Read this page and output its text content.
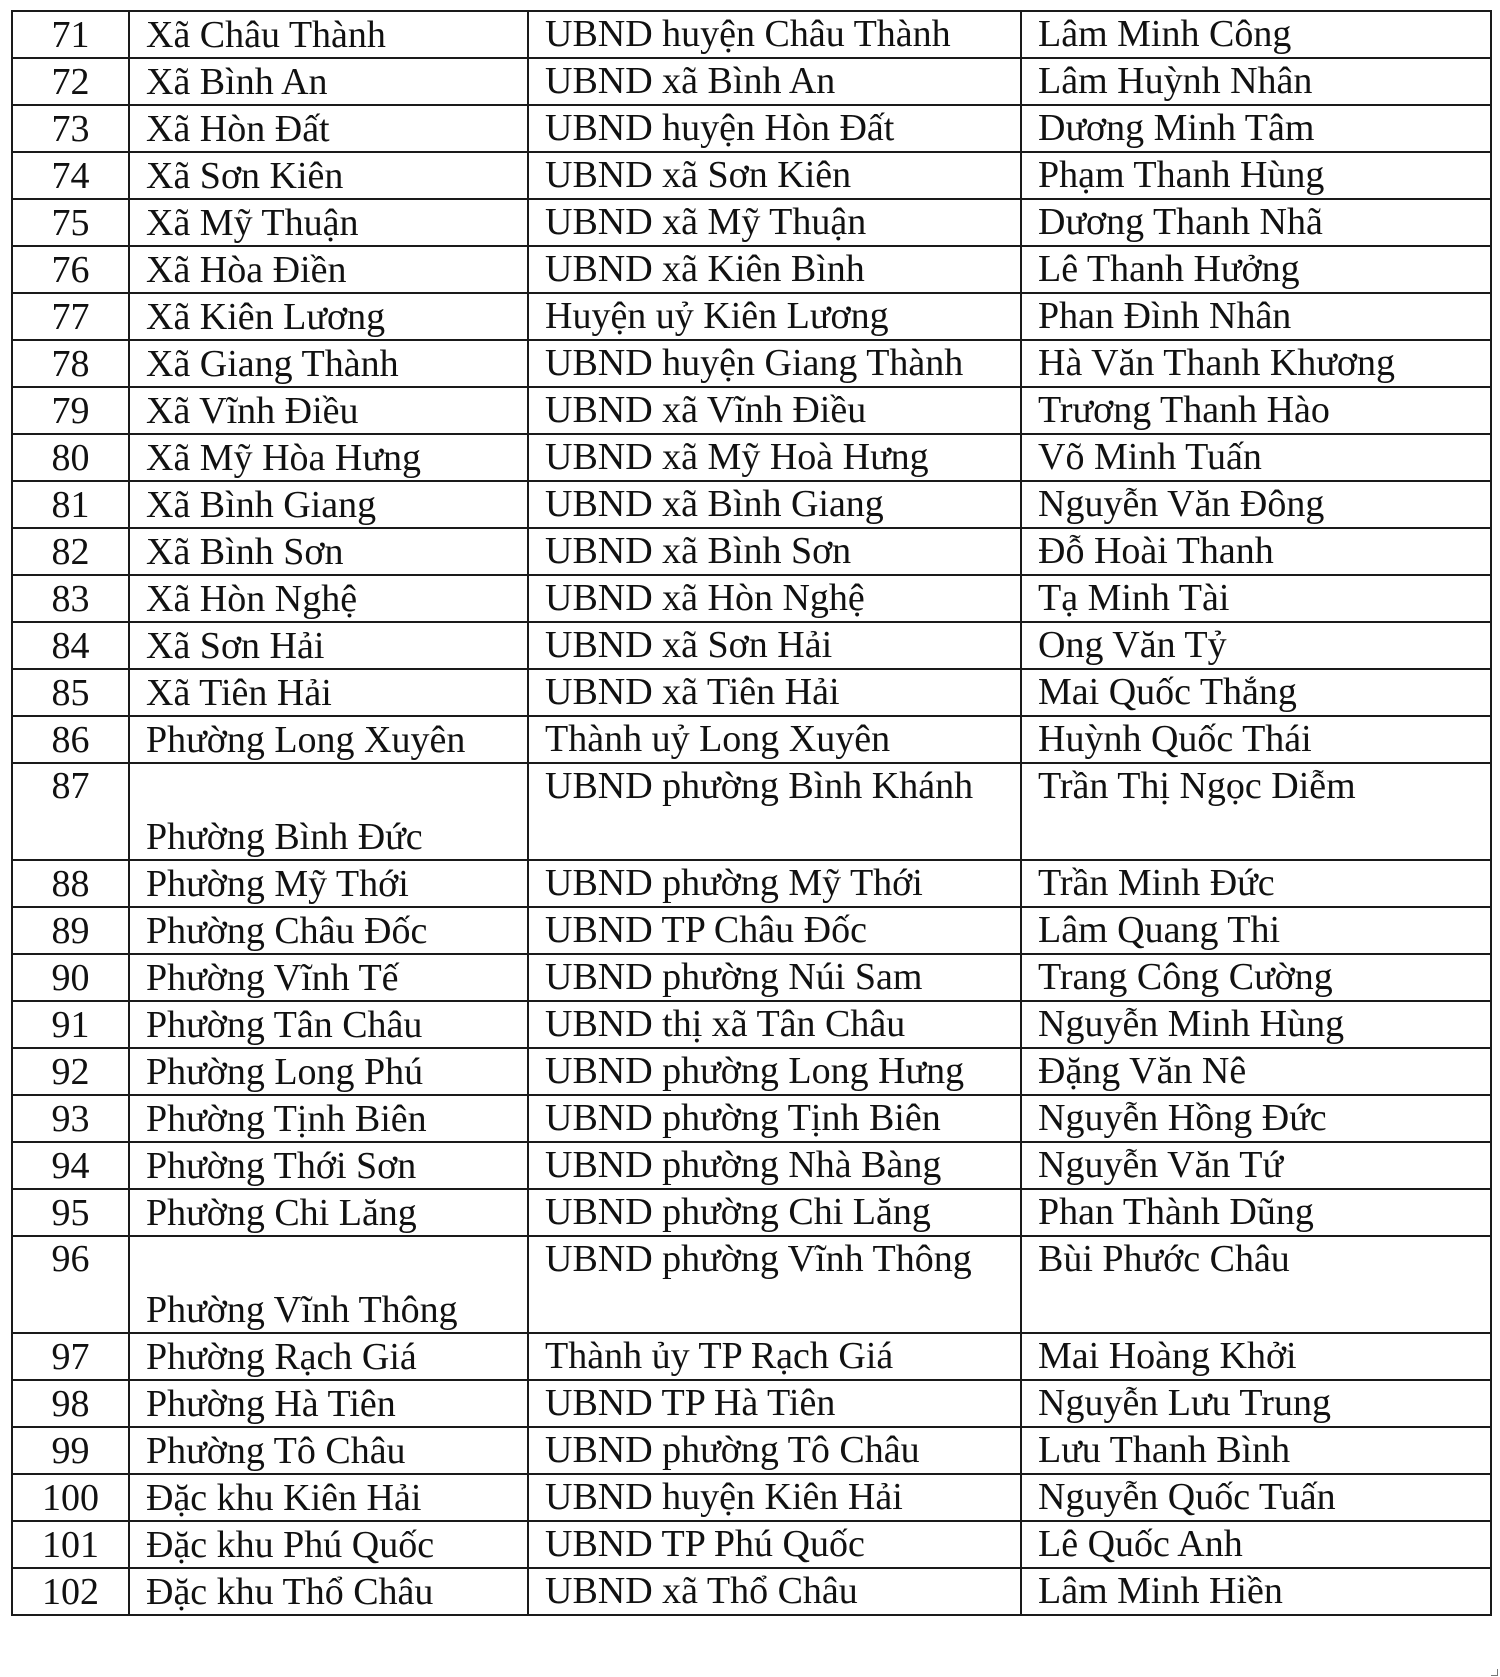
71	Xã Châu Thành	UBND huyện Châu Thành	Lâm Minh Công
72	Xã Bình An	UBND xã Bình An	Lâm Huỳnh Nhân
73	Xã Hòn Đất	UBND huyện Hòn Đất	Dương Minh Tâm
74	Xã Sơn Kiên	UBND xã Sơn Kiên	Phạm Thanh Hùng
75	Xã Mỹ Thuận	UBND xã Mỹ Thuận	Dương Thanh Nhã
76	Xã Hòa Điền	UBND xã Kiên Bình	Lê Thanh Hưởng
77	Xã Kiên Lương	Huyện uỷ Kiên Lương	Phan Đình Nhân
78	Xã Giang Thành	UBND huyện Giang Thành	Hà Văn Thanh Khương
79	Xã Vĩnh Điều	UBND xã Vĩnh Điều	Trương Thanh Hào
80	Xã Mỹ Hòa Hưng	UBND xã Mỹ Hoà Hưng	Võ Minh Tuấn
81	Xã Bình Giang	UBND xã Bình Giang	Nguyễn Văn Đông
82	Xã Bình Sơn	UBND xã Bình Sơn	Đỗ Hoài Thanh
83	Xã Hòn Nghệ	UBND xã Hòn Nghệ	Tạ Minh Tài
84	Xã Sơn Hải	UBND xã Sơn Hải	Ong Văn Tỷ
85	Xã Tiên Hải	UBND xã Tiên Hải	Mai Quốc Thắng
86	Phường Long Xuyên	Thành uỷ Long Xuyên	Huỳnh Quốc Thái
87	Phường Bình Đức	UBND phường Bình Khánh	Trần Thị Ngọc Diễm
88	Phường Mỹ Thới	UBND phường Mỹ Thới	Trần Minh Đức
89	Phường Châu Đốc	UBND TP Châu Đốc	Lâm Quang Thi
90	Phường Vĩnh Tế	UBND phường Núi Sam	Trang Công Cường
91	Phường Tân Châu	UBND thị xã Tân Châu	Nguyễn Minh Hùng
92	Phường Long Phú	UBND phường Long Hưng	Đặng Văn Nê
93	Phường Tịnh Biên	UBND phường Tịnh Biên	Nguyễn Hồng Đức
94	Phường Thới Sơn	UBND phường Nhà Bàng	Nguyễn Văn Tứ
95	Phường Chi Lăng	UBND phường Chi Lăng	Phan Thành Dũng
96	Phường Vĩnh Thông	UBND phường Vĩnh Thông	Bùi Phước Châu
97	Phường Rạch Giá	Thành ủy TP Rạch Giá	Mai Hoàng Khởi
98	Phường Hà Tiên	UBND TP Hà Tiên	Nguyễn Lưu Trung
99	Phường Tô Châu	UBND phường Tô Châu	Lưu Thanh Bình
100	Đặc khu Kiên Hải	UBND huyện Kiên Hải	Nguyễn Quốc Tuấn
101	Đặc khu Phú Quốc	UBND TP Phú Quốc	Lê Quốc Anh
102	Đặc khu Thổ Châu	UBND xã Thổ Châu	Lâm Minh Hiền
